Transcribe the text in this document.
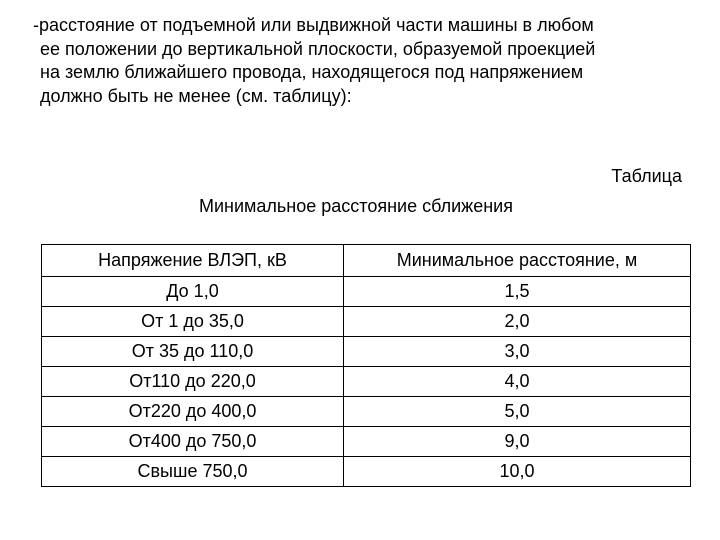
-расстояние от подъемной или выдвижной части машины в любом
ее положении до вертикальной плоскости, образуемой проекцией
на землю ближайшего провода, находящегося под напряжением
должно быть не менее (см. таблицу):
Таблица
Минимальное расстояние сближения
Напряжение ВЛЭП, кВ	Минимальное расстояние, м
До 1,0	1,5
От 1 до 35,0	2,0
От 35 до 110,0	3,0
От110 до 220,0	4,0
От220 до 400,0	5,0
От400 до 750,0	9,0
Свыше 750,0	10,0
